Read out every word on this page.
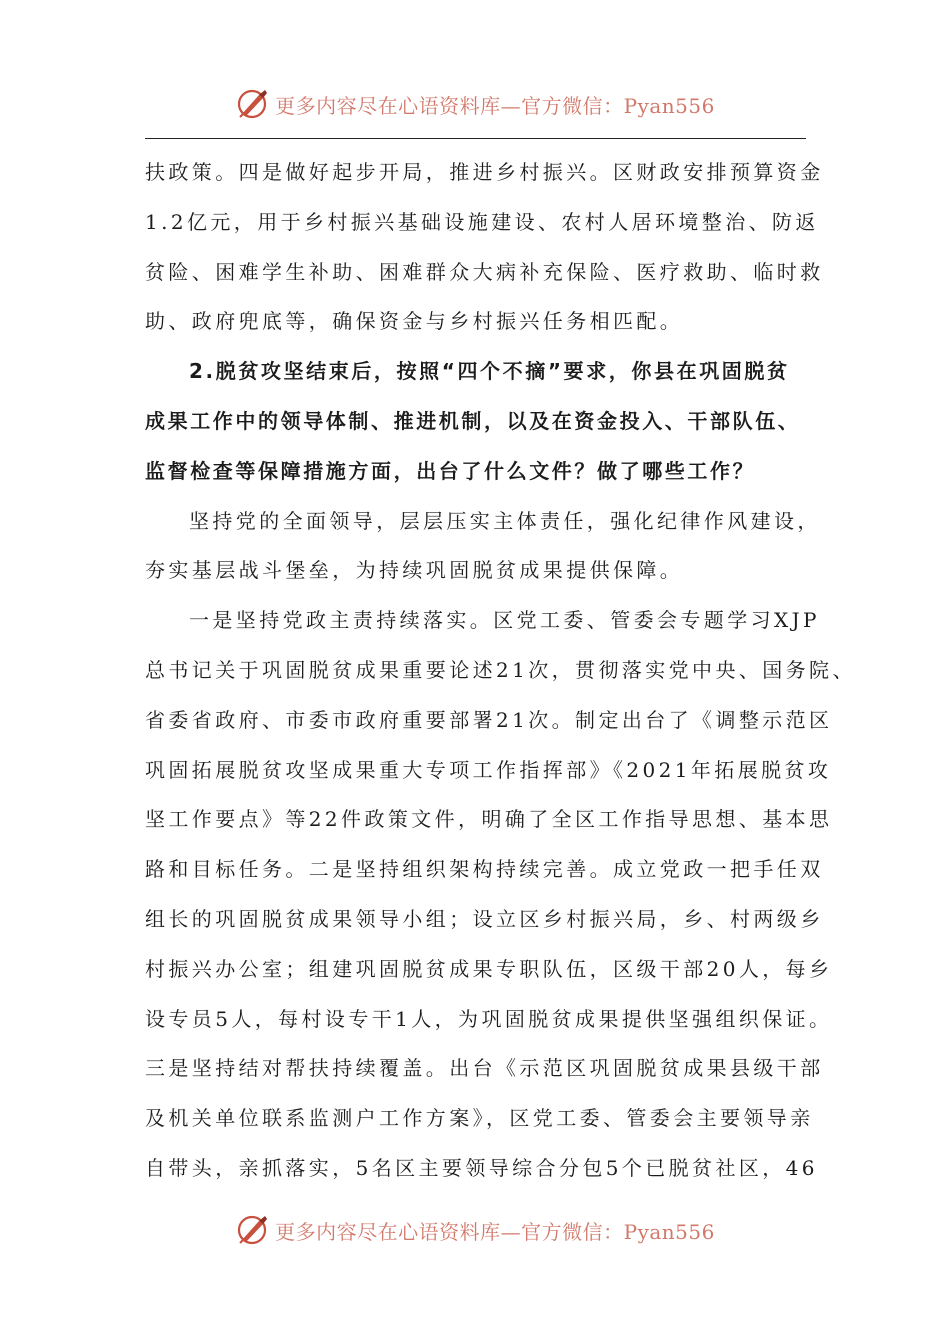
更多内容尽在心语资料库—官方微信：Pyan556
扶政策。四是做好起步开局，推进乡村振兴。区财政安排预算资金
1.2亿元，用于乡村振兴基础设施建设、农村人居环境整治、防返
贫险、困难学生补助、困难群众大病补充保险、医疗救助、临时救
助、政府兜底等，确保资金与乡村振兴任务相匹配。
2.脱贫攻坚结束后，按照“四个不摘”要求，你县在巩固脱贫
成果工作中的领导体制、推进机制，以及在资金投入、干部队伍、
监督检查等保障措施方面，出台了什么文件？做了哪些工作？
坚持党的全面领导，层层压实主体责任，强化纪律作风建设，
夯实基层战斗堡垒，为持续巩固脱贫成果提供保障。
一是坚持党政主责持续落实。区党工委、管委会专题学习XJP
总书记关于巩固脱贫成果重要论述21次，贯彻落实党中央、国务院、
省委省政府、市委市政府重要部署21次。制定出台了《调整示范区
巩固拓展脱贫攻坚成果重大专项工作指挥部》《2021年拓展脱贫攻
坚工作要点》等22件政策文件，明确了全区工作指导思想、基本思
路和目标任务。二是坚持组织架构持续完善。成立党政一把手任双
组长的巩固脱贫成果领导小组；设立区乡村振兴局，乡、村两级乡
村振兴办公室；组建巩固脱贫成果专职队伍，区级干部20人，每乡
设专员5人，每村设专干1人，为巩固脱贫成果提供坚强组织保证。
三是坚持结对帮扶持续覆盖。出台《示范区巩固脱贫成果县级干部
及机关单位联系监测户工作方案》，区党工委、管委会主要领导亲
自带头，亲抓落实，5名区主要领导综合分包5个已脱贫社区，46
更多内容尽在心语资料库—官方微信：Pyan556
